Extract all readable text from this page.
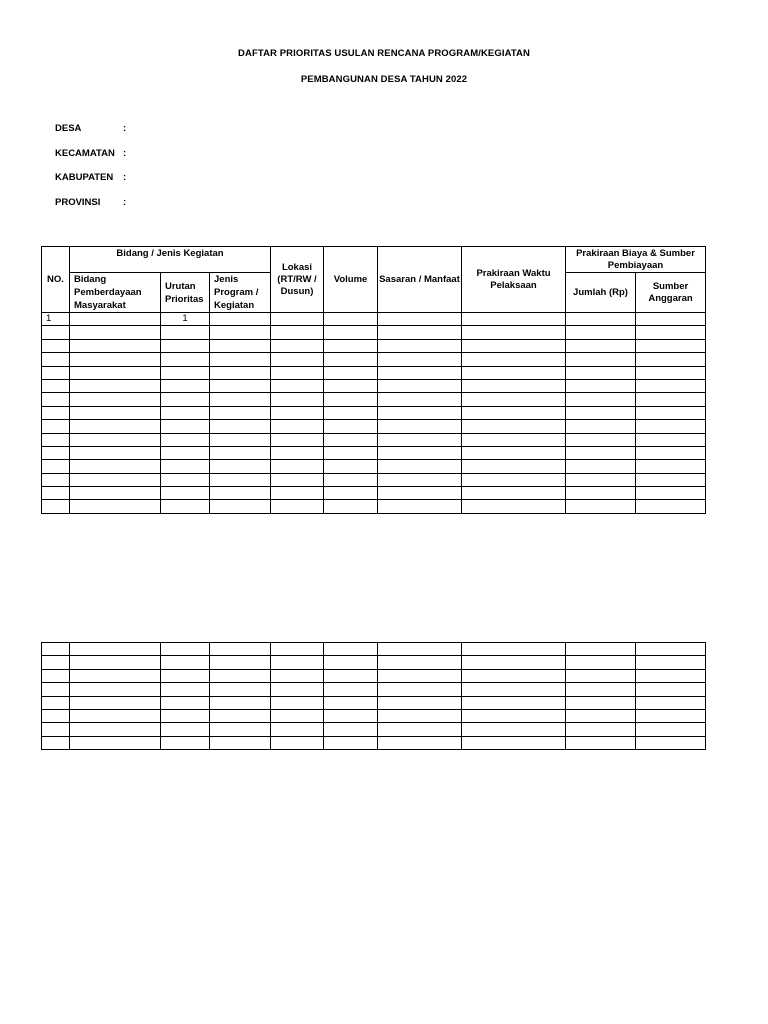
DAFTAR PRIORITAS USULAN RENCANA PROGRAM/KEGIATAN
PEMBANGUNAN DESA TAHUN 2022
DESA	:
KECAMATAN :
KABUPATEN :
PROVINSI :
NO.	Bidang / Jenis Kegiatan			Lokasi (RT/RW / Dusun)	Volume	Sasaran / Manfaat	Prakiraan Waktu Pelaksaan	Prakiraan Biaya & Sumber Pembiayaan	
	Bidang Pemberdayaan Masyarakat	Urutan Prioritas	Jenis Program / Kegiatan					Jumlah (Rp)	Sumber Anggaran
1		1							
